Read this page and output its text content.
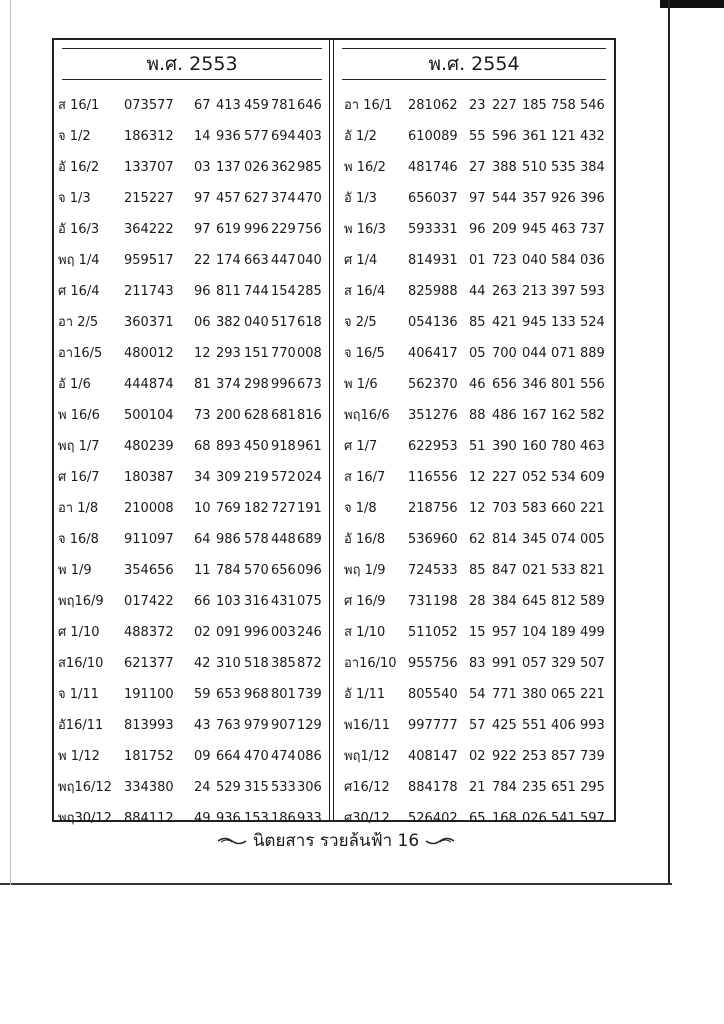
พ.ศ. 2553
ส 16/1 073577 67 413 459 781 646
จ 1/2	186312 14 936 577 694 403
อั 16/2 133707 03 137 026 362 985
จ 1/3	215227 97 457 627 374 470
อั 16/3 364222 97 619 996 229 756
พฤ 1/4 959517 22 174 663 447 040
ศ 16/4 211743 96 811 744 154 285
อา 2/5 360371 06 382 040 517 618
อา16/5 480012 12 293 151 770 008
อั 1/6	444874 81 374 298 996 673
พ 16/6 500104 73 200 628 681 816
พฤ 1/7 480239 68 893 450 918 961
ศ 16/7 180387 34 309 219 572 024
อา 1/8 210008 10 769 182 727 191
จ 16/8 911097 64 986 578 448 689
พ 1/9 354656 11 784 570 656 096
พฤ16/9 017422 66 103 316 431 075
ศ 1/10 488372 02 091 996 003 246
ส16/10 621377 42 310 518 385 872
จ 1/11 191100 59 653 968 801 739
อั16/11 813993 43 763 979 907 129
พ 1/12 181752 09 664 470 474 086
พฤ16/12 334380 24 529 315 533 306
พฤ30/12 884112 49 936 153 186 933
พ.ศ. 2554
อา 16/1 281062 23 227 185 758 546
อั 1/2 610089 55 596 361 121 432
พ 16/2 481746 27 388 510 535 384
อั 1/3 656037 97 544 357 926 396
พ 16/3 593331 96 209 945 463 737
ศ 1/4 814931 01 723 040 584 036
ส 16/4 825988 44 263 213 397 593
จ 2/5 054136 85 421 945 133 524
จ 16/5 406417 05 700 044 071 889
พ 1/6 562370 46 656 346 801 556
พฤ16/6 351276 88 486 167 162 582
ศ 1/7 622953 51 390 160 780 463
ส 16/7 116556 12 227 052 534 609
จ 1/8 218756 12 703 583 660 221
อั 16/8 536960 62 814 345 074 005
พฤ 1/9 724533 85 847 021 533 821
ศ 16/9 731198 28 384 645 812 589
ส 1/10 511052 15 957 104 189 499
อา16/10 955756 83 991 057 329 507
อั 1/11 805540 54 771 380 065 221
พ16/11 997777 57 425 551 406 993
พฤ1/12 408147 02 922 253 857 739
ศ16/12 884178 21 784 235 651 295
ศ30/12 526402 65 168 026 541 597
นิตยสาร รวยล้นฟ้า 16
